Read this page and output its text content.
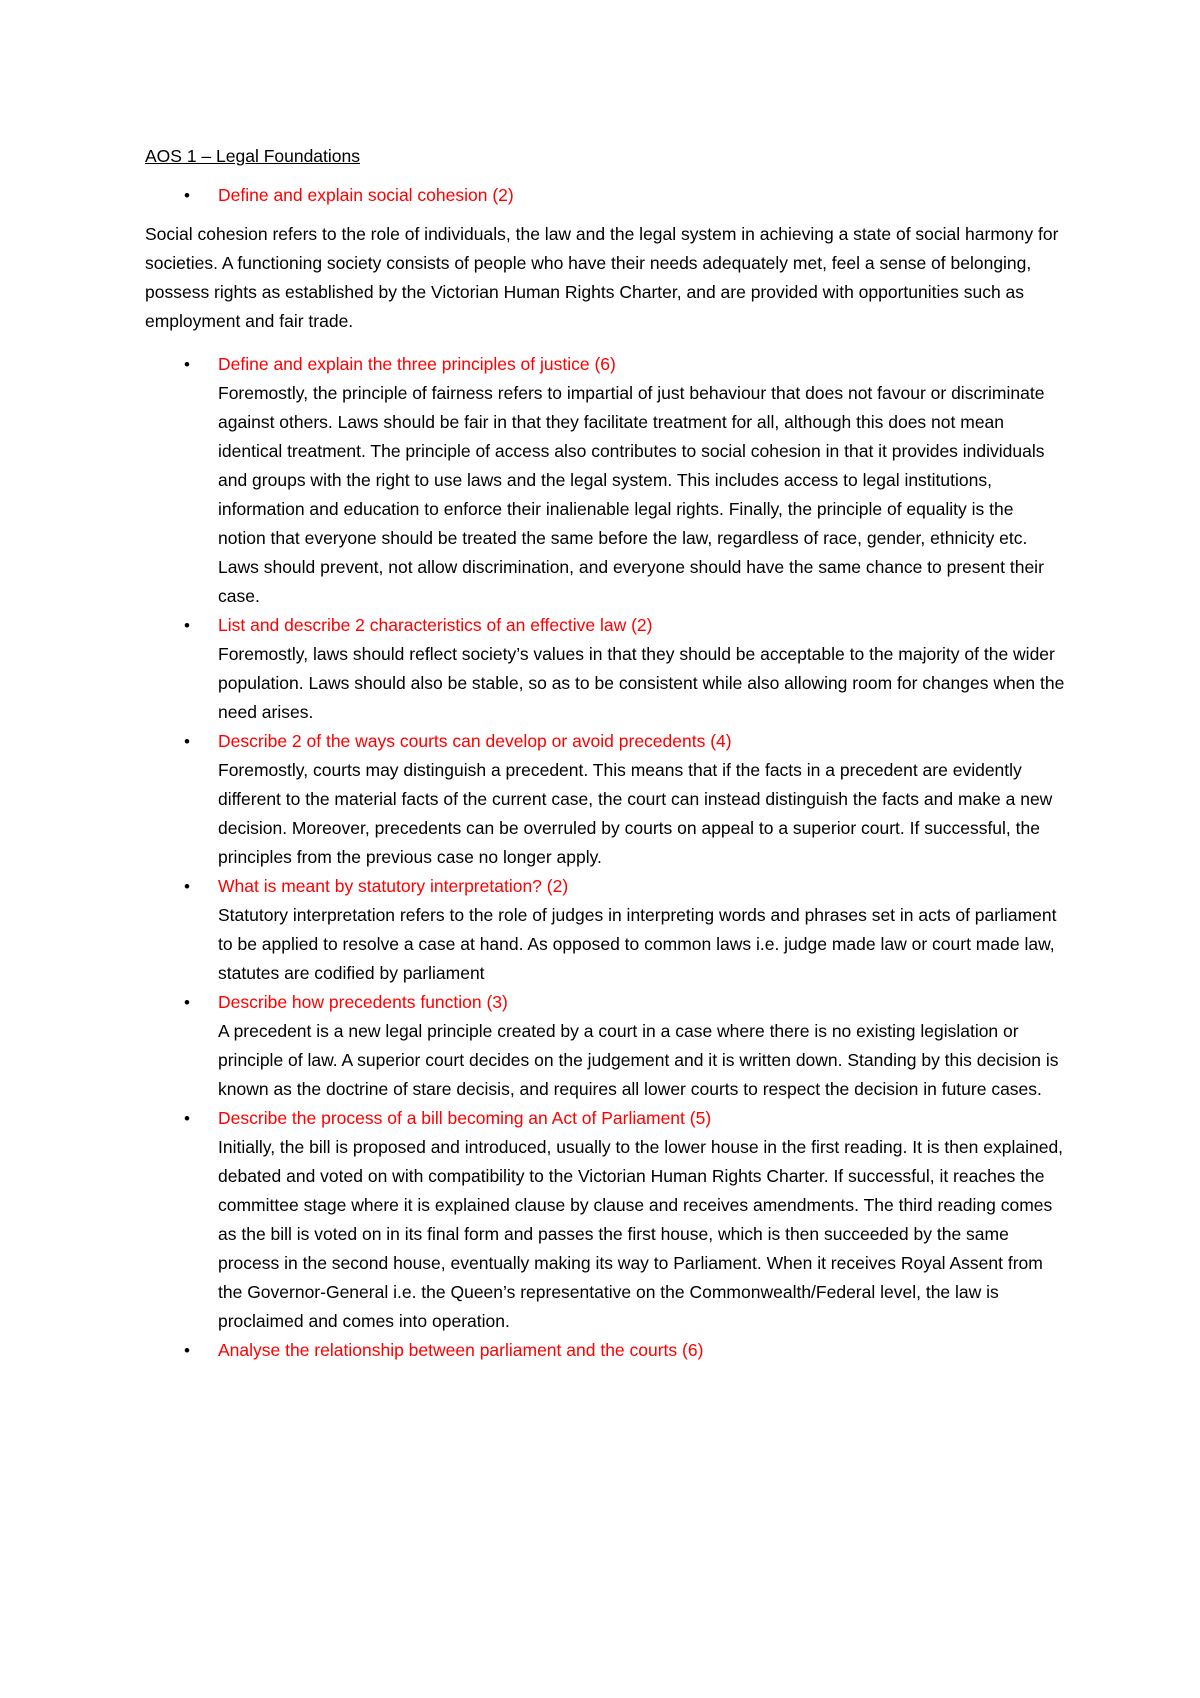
AOS 1 – Legal Foundations
• Define and explain social cohesion (2)
Social cohesion refers to the role of individuals, the law and the legal system in achieving a state of social harmony for societies. A functioning society consists of people who have their needs adequately met, feel a sense of belonging, possess rights as established by the Victorian Human Rights Charter, and are provided with opportunities such as employment and fair trade.
• Define and explain the three principles of justice (6)
Foremostly, the principle of fairness refers to impartial of just behaviour that does not favour or discriminate against others. Laws should be fair in that they facilitate treatment for all, although this does not mean identical treatment. The principle of access also contributes to social cohesion in that it provides individuals and groups with the right to use laws and the legal system. This includes access to legal institutions, information and education to enforce their inalienable legal rights. Finally, the principle of equality is the notion that everyone should be treated the same before the law, regardless of race, gender, ethnicity etc. Laws should prevent, not allow discrimination, and everyone should have the same chance to present their case.
• List and describe 2 characteristics of an effective law (2)
Foremostly, laws should reflect society’s values in that they should be acceptable to the majority of the wider population. Laws should also be stable, so as to be consistent while also allowing room for changes when the need arises.
• Describe 2 of the ways courts can develop or avoid precedents (4)
Foremostly, courts may distinguish a precedent. This means that if the facts in a precedent are evidently different to the material facts of the current case, the court can instead distinguish the facts and make a new decision. Moreover, precedents can be overruled by courts on appeal to a superior court. If successful, the principles from the previous case no longer apply.
• What is meant by statutory interpretation? (2)
Statutory interpretation refers to the role of judges in interpreting words and phrases set in acts of parliament to be applied to resolve a case at hand. As opposed to common laws i.e. judge made law or court made law, statutes are codified by parliament
• Describe how precedents function (3)
A precedent is a new legal principle created by a court in a case where there is no existing legislation or principle of law. A superior court decides on the judgement and it is written down. Standing by this decision is known as the doctrine of stare decisis, and requires all lower courts to respect the decision in future cases.
• Describe the process of a bill becoming an Act of Parliament (5)
Initially, the bill is proposed and introduced, usually to the lower house in the first reading. It is then explained, debated and voted on with compatibility to the Victorian Human Rights Charter. If successful, it reaches the committee stage where it is explained clause by clause and receives amendments. The third reading comes as the bill is voted on in its final form and passes the first house, which is then succeeded by the same process in the second house, eventually making its way to Parliament. When it receives Royal Assent from the Governor-General i.e. the Queen’s representative on the Commonwealth/Federal level, the law is proclaimed and comes into operation.
• Analyse the relationship between parliament and the courts (6)
